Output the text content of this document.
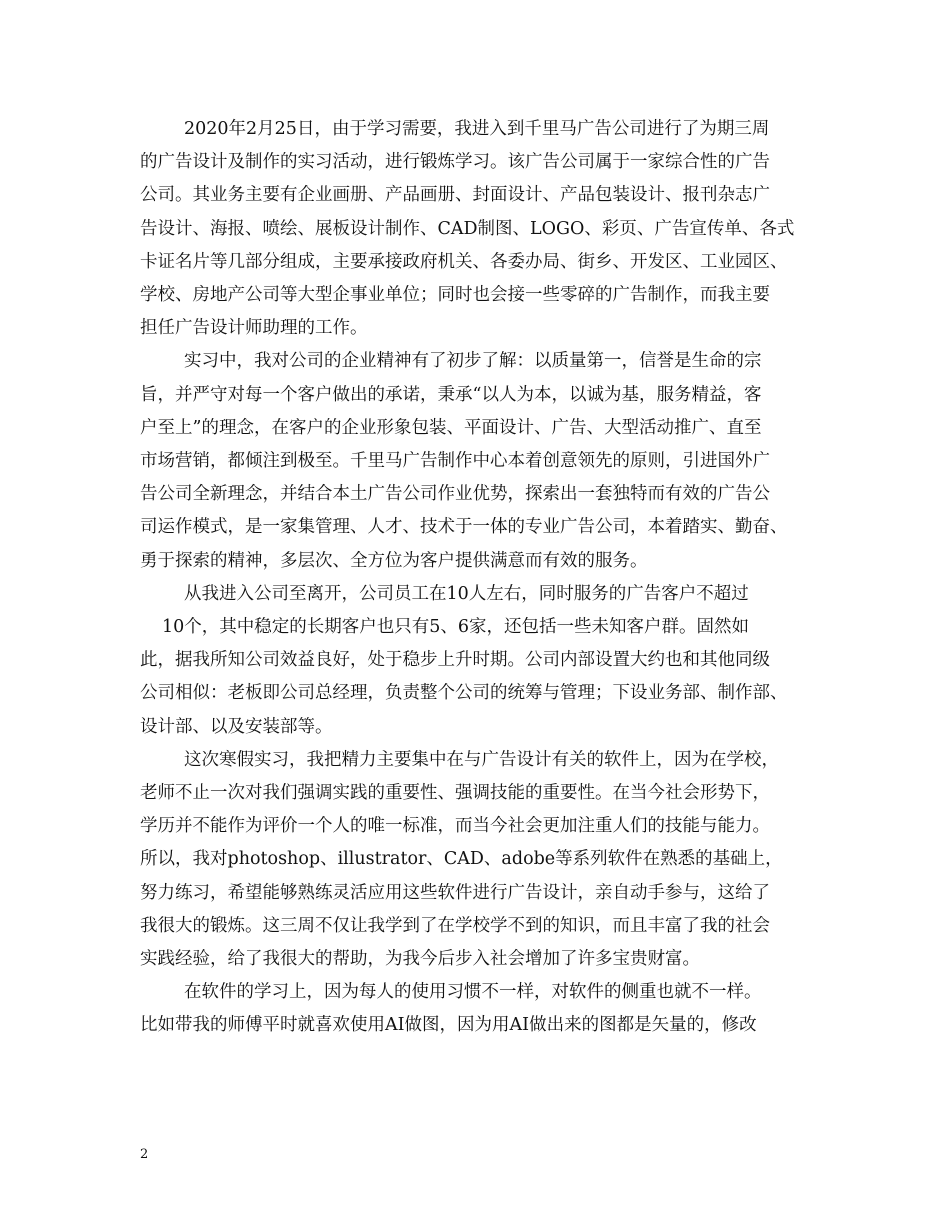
2020年2月25日，由于学习需要，我进入到千里马广告公司进行了为期三周
的广告设计及制作的实习活动，进行锻炼学习。该广告公司属于一家综合性的广告
公司。其业务主要有企业画册、产品画册、封面设计、产品包装设计、报刊杂志广
告设计、海报、喷绘、展板设计制作、CAD制图、LOGO、彩页、广告宣传单、各式
卡证名片等几部分组成，主要承接政府机关、各委办局、街乡、开发区、工业园区、
学校、房地产公司等大型企事业单位；同时也会接一些零碎的广告制作，而我主要
担任广告设计师助理的工作。

实习中，我对公司的企业精神有了初步了解：以质量第一，信誉是生命的宗
旨，并严守对每一个客户做出的承诺，秉承“以人为本，以诚为基，服务精益，客
户至上”的理念，在客户的企业形象包装、平面设计、广告、大型活动推广、直至
市场营销，都倾注到极至。千里马广告制作中心本着创意领先的原则，引进国外广
告公司全新理念，并结合本土广告公司作业优势，探索出一套独特而有效的广告公
司运作模式，是一家集管理、人才、技术于一体的专业广告公司，本着踏实、勤奋、
勇于探索的精神，多层次、全方位为客户提供满意而有效的服务。

从我进入公司至离开，公司员工在10人左右，同时服务的广告客户不超过
10个，其中稳定的长期客户也只有5、6家，还包括一些未知客户群。固然如
此，据我所知公司效益良好，处于稳步上升时期。公司内部设置大约也和其他同级
公司相似：老板即公司总经理，负责整个公司的统筹与管理；下设业务部、制作部、
设计部、以及安装部等。

这次寒假实习，我把精力主要集中在与广告设计有关的软件上，因为在学校，
老师不止一次对我们强调实践的重要性、强调技能的重要性。在当今社会形势下，
学历并不能作为评价一个人的唯一标准，而当今社会更加注重人们的技能与能力。
所以，我对photoshop、illustrator、CAD、adobe等系列软件在熟悉的基础上，
努力练习，希望能够熟练灵活应用这些软件进行广告设计，亲自动手参与，这给了
我很大的锻炼。这三周不仅让我学到了在学校学不到的知识，而且丰富了我的社会
实践经验，给了我很大的帮助，为我今后步入社会增加了许多宝贵财富。

在软件的学习上，因为每人的使用习惯不一样，对软件的侧重也就不一样。
比如带我的师傅平时就喜欢使用AI做图，因为用AI做出来的图都是矢量的，修改

2
